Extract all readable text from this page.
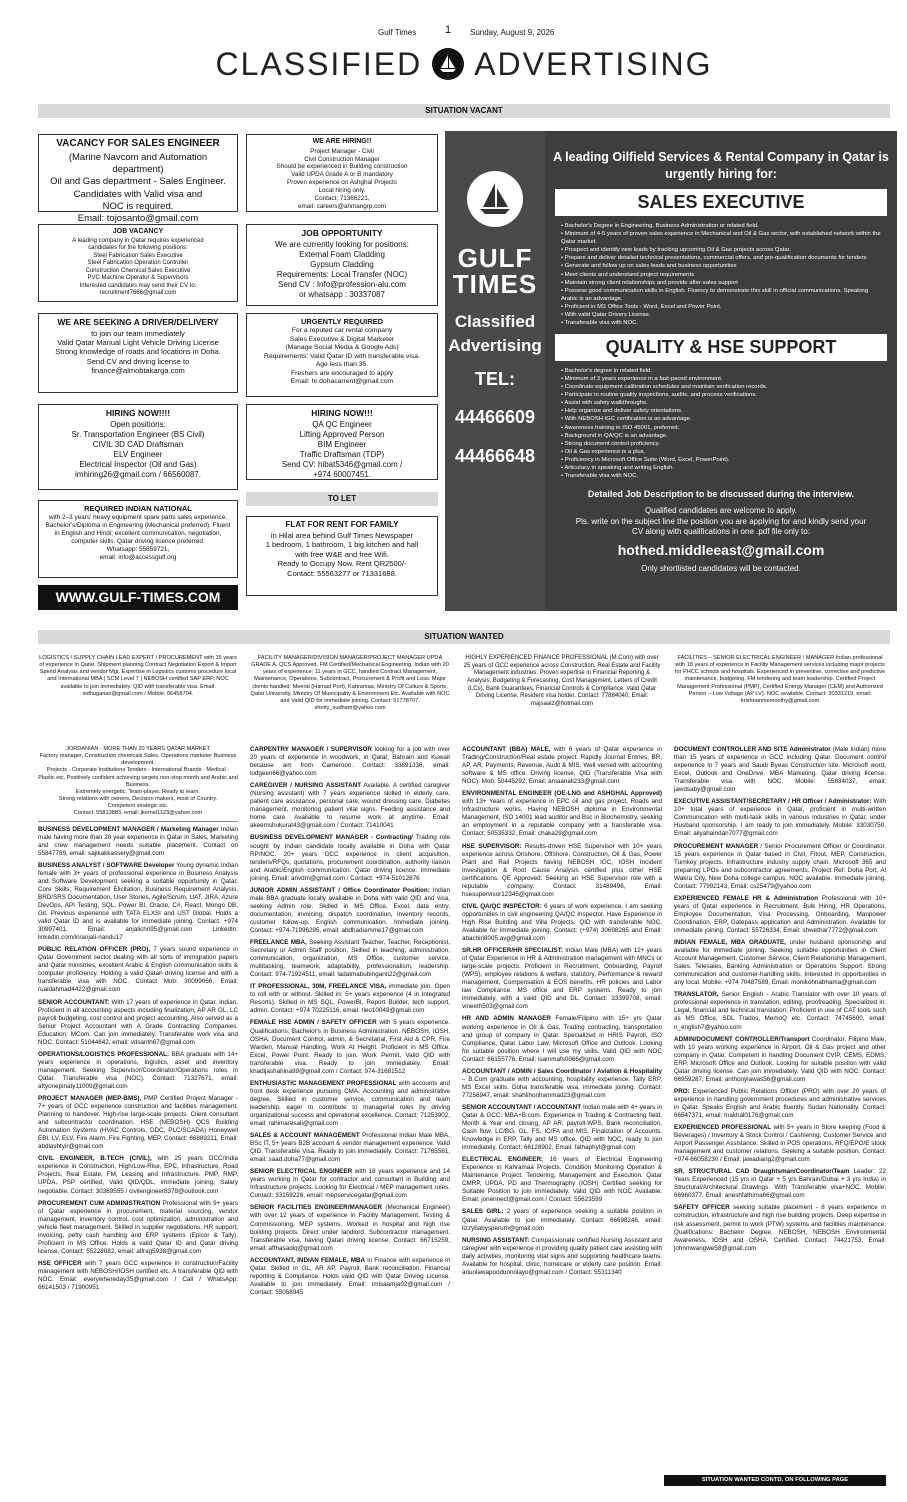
Gulf Times	1 Sunday, August 9, 2026
CLASSIFIED ADVERTISING
SITUATION VACANT
VACANCY FOR SALES ENGINEER
(Marine Navcom and Automation department)
Oil and Gas department - Sales Engineer.
Candidates with Valid visa and
NOC is required.
Email: tojosanto@gmail.com
JOB VACANCY
A leading company in Qatar requires experienced
candidates for the following positions:
Steel Fabrication Sales Executive
Steel Fabrication Operation Controller
Construction Chemical Sales Executive
PVC Machine Operator & Supervisors
Interested candidates may send their CV to:
recruitment7666@gmail.com
WE ARE SEEKING A DRIVER/DELIVERY
to join our team immediately
Valid Qatar Manual Light Vehicle Driving License
Strong knowledge of roads and locations in Doha.
Send CV and driving license to
finance@almobtakarga.com
HIRING NOW!!!!
Open positions:
Sr. Transportation Engineer (BS Civil)
CIVIL 3D CAD Draftsman
ELV Engineer
Electrical Inspector (Oil and Gas)
imhiring26@gmail.com / 66560087.
REQUIRED INDIAN NATIONAL
with 2–3 years' heavy equipment spare parts sales experience. Bachelor's/Diploma in Engineering (Mechanical preferred). Fluent in English and Hindi; excellent communication, negotiation, computer skills. Qatar driving licence preferred.
Whatsapp: 55659721,
email: info@accessgulf.org
WWW.GULF-TIMES.COM
WE ARE HIRING!!
Project Manager - Civil
Civil Construction Manager
Should be experienced in Building construction
Valid UPDA Grade A or B mandatory
Proven experience on Ashghal Projects
Local hiring only.
Contact: 71366221,
email: careers@ahmangrp.com
JOB OPPORTUNITY
We are currently looking for positions:
External Foam Cladding
Gypsum Cladding
Requirements: Local Transfer (NOC)
Send CV : Info@profession-alu.com
or whatsapp : 30337087
URGENTLY REQUIRED
For a reputed car rental company
Sales Executive & Digital Marketer
(Manage Social Media & Google Ads)
Requirements: Valid Qatar ID with transferable visa.
Age less than 35.
Freshers are encouraged to apply
Email: hr.dohacarrent@gmail.com
HIRING NOW!!!
QA QC Engineer
Lifting Approved Person
BIM Engineer
Traffic Draftsman (TDP)
Send CV: hibat5346@gmail.com /
+974 60007451.
TO LET
FLAT FOR RENT FOR FAMILY
in Hilal area behind Gulf Times Newspaper
1 bedroom, 1 bathroom, 1 big kitchen and hall
with free W&E and free Wifi.
Ready to Occupy Now. Rent QR2500/-
Contact: 55563277 or 71331688.
GULF
TIMES
Classified
Advertising
TEL:
44466609
44466648
A leading Oilfield Services & Rental Company in Qatar is urgently hiring for:
SALES EXECUTIVE
• Bachelor's Degree in Engineering, Business Administration or related field.
• Minimum of 4-5 years of proven sales experience in Mechanical and Oil & Gas sector, with established network within the Qatar market.
• Prospect and identify new leads by tracking upcoming Oil & Gas projects across Qatar.
• Prepare and deliver detailed technical presentations, commercial offers, and pre-qualification documents for tenders
• Generate and follow up on sales leads and business opportunities
• Meet clients and understand project requirements
• Maintain strong client relationships and provide after-sales support
• Possess good communication skills in English. Fluency to demonstrate this skill in official communications. Speaking Arabic is an advantage.
• Proficient in MS Office Tools - Word, Excel and Power Point.
• With valid Qatar Drivers License.
• Transferable visa with NOC.
QUALITY & HSE SUPPORT
• Bachelor's degree in related field.
• Minimum of 3 years experience in a fast-paced environment.
• Coordinate equipment calibration schedules and maintain verification records.
• Participate in routine quality inspections, audits, and process verifications.
• Assist with safety walkthroughs.
• Help organize and deliver safety orientations.
• With NEBOSH IGC certification is an advantage.
• Awareness training in ISO 45001, preferred.
• Background in QA/QC is an advantage.
• Strong document control proficiency.
• Oil & Gas experience is a plus.
• Proficiency in Microsoft Office Suite (Word, Excel, PowerPoint).
• Articulacy in speaking and writing English.
• Transferable visa with NOC.
Detailed Job Description to be discussed during the interview.
Qualified candidates are welcome to apply.
Pls. write on the subject line the position you are applying for and kindly send your CV along with qualifications in one .pdf file only to:
hothed.middleeast@gmail.com
Only shortlisted candidates will be contacted.
SITUATION WANTED
LOGISTICS / SUPPLY CHAIN LEAD EXPERT / PROCUREMENT with 15 years of experience in Qatar. Shipment planning Contract Negotiation Export & Import Spend Analysis and vendor Mgr. Expertise in Logistics customs procedure local and International MBA | SCM Level 7 | NEBOSH certified SAP ERP. NOC available to join immediately. QID with transferable visa. Email: sidhugarian@gmail.com / Mobile: 66458704.
FACILITY MANAGER/DIVISION MANAGER/PROJECT MANAGER UPDA GRADE A, QCS Approved, FM Certified/Mechanical Engineering. Indian with 20 years of experience; 11 years in GCC, handled Contract Management, Maintenance, Operations, Subcontract, Procurement & Profit and Loss. Major clients handled: Meeral (Hamad Port), Kahramaa, Ministry Of Culture & Sports, Qatar University, Ministry Of Municipality & Environment Etc. Available with NOC and Valid QID for immediate joining. Contact: 51778707, shetty_sudham@yahoo.com
HIGHLY EXPERIENCED FINANCE PROFESSIONAL (M.Com) with over 25 years of GCC experience across Construction, Real Estate and Facility Management industries. Proven expertise in Financial Reporting & Analysis, Budgeting & Forecasting, Cost Management, Letters of Credit (LCs), Bank Guarantees, Financial Controls & Compliance. Valid Qatar Driving License. Resident visa holder. Contact: 77884040, Email: majsaalz@hotmail.com
FACILITIES – SENIOR ELECTRICAL ENGINEER / MANAGER Indian professional with 18 years of experience in Facility Management services including major projects for PHCC schools and hospitals. Experienced in preventive, corrective and predictive maintenance, budgeting, FM tendering and team leadership. Certified Project Management Professional (PMP), Certified Energy Manager (CEM) and Authorized Person – Low Voltage (AP LV). NOC available. Contact: 30331219, email: krishnanmemoothy@gmail.com
JORDANIAN - MORE THAN 20 YEARS QATAR MARKET
Factory manager, Construction chemicals Sales. Operations marketer Business development.
Projects - Corporate Institutions Tenders - International Brands - Medical - Plastic etc. Positively confident achieving targets non-stop month and Arabic and Business.
Extremely energetic. Team-player. Ready to learn.
Strong relations with owners, Decision makers, most of Country.
Competent strategic etc.
Contact: 55813883, email: jkernel1123@yahoo.com

BUSINESS DEVELOPMENT MANAGER / Marketing Manager Indian male having more than 20 year experience in Qatar in Sales, Marketing and crew management needs suitable placement. Contact on 55847789, email: sajikakkassery@gmail.com

BUSINESS ANALYST / SOFTWARE Developer Young dynamic Indian female with 3+ years of professional experience in Business Analysis and Software Development seeking a suitable opportunity in Qatar. Core Skills: Requirement Elicitation, Business Requirement Analysis, BRD/SRS Documentation, User Stories, Agile/Scrum, UAT, JIRA, Azure DevOps, API Testing, SQL, Power BI, Oracle, C#, React, Mongo DB, Git. Previous experience with TATA ELXSI and UST Global. Holds a valid Qatar ID and is available for immediate joining. Contact: +974 30997401, Email: anjalichri95@gmail.com LinkedIn: linkedin.com/in/anjali-nandu17

PUBLIC RELATION OFFICER (PRO), 7 years sound experience in Qatar Government sector dealing with all sorts of immigration papers and Qatar ministries, excellent Arabic & English communication skills & computer proficiency. Holding a valid Qatari driving license and with a transferable visa with NOC. Contact Mob: 30099066, Email: ruaidahmad4422@gmail.com

SENIOR ACCOUNTANT: With 17 years of experience in Qatar. Indian. Proficient in all accounting aspects including finalization, AP AR GL, LC payroll budgeting, cost control and project accounting. Also served as a Senior Project Accountant with A Grade Contracting Companies. Education: MCom. Can join immediately. Transferable work visa and NOC. Contact: 51044642, email: vdsanth67@gmail.com

OPERATIONS/LOGISTICS PROFESSIONAL: BBA graduate with 14+ years experience in operations, logistics, asset and inventory management. Seeking Supervisor/Coordinator/Operations roles in Qatar. Transferable visa (NOC). Contact: 71327671, email: aftyonepinaty11009@gmail.com

PROJECT MANAGER (MEP-BMS), PMP Certified Project Manager - 7+ years of GCC experience construction and facilities management. Planning to handover. High-rise large-scale projects. Client consultant and subcontractor coordination. HSE (NEBOSH) QCS Building Automation Systems (HVAC Controls, DDC, PLC/SCADA) Honeywell EBI, LV, ELV, Fire Alarm, Fire Fighting, MEP. Contact: 66889211, Email: abdlashtyir@gmail.com

CIVIL ENGINEER, B.TECH (CIVIL), with 25 years GCC/India experience in Construction, High/Low-Rise, EPC, Infrastructure, Road Projects, Real Estate, FM, Leasing and Infrastructure. PMP, RMP, UPDA, PSP certified, Valid QID/QDL, immediate joining, Salary negotiable. Contact: 30369555 / civilengineer8378@outlook.com

PROCUREMENT CUM ADMINISTRATION Professional with 9+ years of Qatar experience in procurement, material sourcing, vendor management, inventory control, cost optimization, administration and vehicle fleet management. Skilled in supplier negotiations, HR support, invoicing, petty cash handling and ERP systems (Epicor & Tally). Proficient in MS Office. Holds a valid Qatar ID and Qatar driving license. Contact: 55228082, email: alfrag5938@gmail.com

HSE OFFICER with 7 years GCC experience in construction/Facility management with NEBOSH/IOSH certified etc. A transferable QID with NOC. Email: everywhereday35@gmail.com / Call / WhatsApp: 66141503 / 71900951

CARPENTRY MANAGER / SUPERVISOR looking for a job with over 20 years of experience in woodwork, in Qatar, Bahrain and Kuwait because am from Cameroon. Contact: 33891336, email: lodgeen66@yahoo.com

CAREGIVER / NURSING ASSISTANT Available. A certified caregiver (Nursing assistant) with 7 years experience skilled in elderly care, patient care assistance, personal care, wound dressing care, Diabetes management, monitoring patient vital signs. Feeding assistance and home care. Available to resume work at anytime. Email: akeemshukurat43@gmail.com / Contact: 71410041

BUSINESS DEVELOPMENT MANAGER - Contracting/ Trading role sought by Indian candidate locally available in Doha with Qatar RP/NOC. 20+ years GCC experience in client acquisition, tenders/RFQs, quotations, procurement coordination, authority liaison and Arabic/English communication. Qatar driving licence. Immediate joining. Email: anvdm@gmail.com / Contact: +974-51012876

JUNIOR ADMIN ASSISTANT / Office Coordinator Position: Indian male BBA graduate locally available in Doha with valid QID and visa, seeking Admin role. Skilled in MS Office, Excel, data entry, documentation, invoicing, dispatch coordination, inventory records, customer follow-up. English communication. Immediate joining. Contact: +974-71996295, email: abdhadiamme17@gmail.com

FREELANCE MBA, Seeking Assistant Teacher, Teacher, Receptionist, Secretary or Admin Staff position, Skilled in teaching, administration, communication, organization, MS Office, customer service, multitasking, teamwork, adaptability, professionalism, leadership. Contact: 974-71924511, email: ladatmabubinganti22@gmail.com

IT PROFESSIONAL, 30M, FREELANCE VISA, immediate join. Open to roll with or without. Skilled in: 5+ years experience (4 in Integrated Resorts). Skilled in MS SQL, PowerBI, Report Builder, tech support, admin. Contact: +974 70225116, email: rleo10049@gmail.com

FEMALE HSE ADMIN / SAFETY OFFICER with 5 years experience. Qualifications: Bachelor's in Business Administration. NEBOSH, IOSH, OSHA. Document Control, admin. & Secretarial, First Aid & CPR, Fire Warden, Manual Handling, Work At Height. Proficient in MS Office. Excel, Power Point. Ready to join. Work Permit, Valid QID with transferable visa. Ready to join immediately. Email: khadijashahina99@gmail.com / Contact: 974-31681512

ENTHUSIASTIC MANAGEMENT PROFESSIONAL with accounts and front desk experience pursuing CMA. Accounting and administrative degree. Skilled in customer service, communication and team leadership, eager to contribute to managerial roles by driving organizational success and operational excellence. Contact: 71253902, email: rahimaresali@gmail.com

SALES & ACCOUNT MANAGEMENT Professional Indian Male MBA, BSc IT, 5+ years B2B account & vendor management experience. Valid QID. Transferable Visa. Ready to join immediately. Contact: 71765581, email: saad.doha77@gmail.com

SENIOR ELECTRICAL ENGINEER with 18 years experience and 14 years working in Qatar for contractor and consultant in Building and Infrastructure projects. Looking for Electrical / MEP management roles. Contact: 33159226, email: mepservicegatar@gmail.com

SENIOR FACILITIES ENGINEER/MANAGER (Mechanical Engineer) with over 12 years of experience in Facility Management, Testing & Commissioning, MEP systems. Worked in hospital and high rise building projects. Direct under landlord. Subcontractor management. Transferable visa, having Qatari driving license. Contact: 66715259, email: afthasadiq@gmail.com

ACCOUNTANT, INDIAN FEMALE, MBA in Finance with experience in Qatar. Skilled in GL, AR AP, Payroll, Bank reconciliation, Financial reporting & Compliance. Holds valid QID with Qatar Driving License. Available to join immediately. Email: imisaamja02@gmail.com / Contact: 55058945

ACCOUNTANT (BBA) MALE, with 6 years of Qatar experience in Trading/Construction/Real estate project. Rapidly Journal Entries, BR, AP, AR, Payments, Revenue, Audit & MIS. Well versed with accounting software & MS office. Driving license, QID (Transferable Visa with NOC). Mob: 50445292, Email: amaanali233@gmail.com

ENVIRONMENTAL ENGINEER (OE-LNG and ASHGHAL Approved) with 13+ Years of experience in EPC oil and gas project, Roads and Infrastructure works. Having NEBOSH diploma in Environmental Management, ISO 14001 lead auditor and Bsc in Biochemistry, seeking an employment in a reputable company with a transferable visa. Contact: 50535332, Email: chaka29@gmail.com

HSE SUPERVISOR: Results-driven HSE Supervisor with 10+ years experience across Onshore, Offshore, Construction, Oil & Gas, Power Plant and Rail Projects having NEBOSH IGC, IOSH Incident Investigation & Root Cause Analysis certified plus other HSE certifications. QE Approved. Seeking an HSE Supervisor role with a reputable company. Contact: 31489496, Email: hsesupervisor12345@gmail.com

CIVIL QA/QC INSPECTOR: 6 years of work experience. I am seeking opportunities in civil engineering QA/QC Inspector. Have Experience in High Rise Building and Villa Projects. QID with transferable NOC. Available for immediate joining. Contact: (+974) 30698285 and Email: abachiri8005.avg@gmail.com

SR.HR OFFICER/HR SPECIALIST: Indian Male (MBA) with 12+ years of Qatar Experience in HR & Administration management with MNCs or large-scale projects. Proficient in Recruitment, Onboarding, Payroll (WPS), employee relations & welfare, statutory, Performance & reward management, Compensation & EOS benefits, HR policies and Labor law Compliance. MS office and ERP systems. Ready to join immediately, with a valid QID and DL. Contact: 33399708, email: vineeth503@gmail.com

HR AND ADMIN MANAGER Female/Filipino with 15+ yrs Qatar working experience in Oil & Gas, Trading contracting, transportation and group of company in Qatar. Specialized in HRIS Payroll, ISO Compliance, Qatar Labor Law, Microsoft Office and Outlook. Looking for suitable position where I will use my skills. Valid QID with NOC Contact: 66155776, Email: isammafs0066@gmail.com

ACCOUNTANT / ADMIN / Sales Coordinator / Aviation & Hospitality – B.Com graduate with accounting, hospitality experience. Tally ERP, MS Excel skills. Doha transferable visa, immediate joining. Contact: 77256947, email: shahiihonhammad23@gmail.com

SENIOR ACCOUNTANT / ACCOUNTANT Indian male with 4+ years in Qatar & GCC. MBA+B.com. Experience in Trading & Contracting field, Month & Year end closing, AP AR, payroll-WPS, Bank reconciliation, Cash flow, LC/BG, GL, FS, IC/FA and MIS. Finalization of Accounts. Knowledge in ERP, Tally and MS office. QID with NOC, ready to join immediately. Contact: 66128902, Email: fathaphyl@gmail.com

ELECTRICAL ENGINEER: 16 years of Electrical Engineering Experience in Kahramaa Projects. Condition Monitoring Operation & Maintenance Project. Tendering, Management and Execution. Qatar CMRP, UPDA, PD and Thermography (IOSH) Certified seeking for Suitable Position to join immediately. Valid QID with NOC Available. Email: jonennect@gmail.com / Contact: 55623599

SALES GIRL: 2 years of experience seeking a suitable position in Qatar. Available to join immediately. Contact: 66698246, email: lizzybabysperum@gmail.com

NURSING ASSISTANT: Compassionate certified Nursing Assistant and caregiver with experience in providing quality patient care assisting with daily activities, monitoring vital signs and supporting healthcare teams. Available for hospital, clinic, homecare or elderly care position. Email: anuolawapoodunnolayo@gmail.com / Contact: 55311340

DOCUMENT CONTROLLER AND SITE Administrator (Male Indian) more than 15 years of experience in GCC including Qatar. Document control experience in 7 years and Saudi Byeas Construction site. Microsoft word, Excel, Outlook and OneDrive. MBA Marketing. Qatar driving license. Transferable visa with NOC. Mobile: 55634037, email: jawdsaby@gmail.com

EXECUTIVE ASSISTANT/SECRETARY / HR Officer / Administrator: With 10+ total years of experience in Qatar, proficient in multi-written Communication with multi-task skills in various industries in Qatar, under Husband sponsorship. I am ready to join immediately. Mobile: 33030750, Email: aliyahaindan7077@gmail.com

PROCUREMENT MANAGER / Senior Procurement Officer or Coordinator. 15 years experience in Qatar based in Civil, Fitout, MEP, Construction, Turnkey projects. Infrastructure industry supply chain. Microsoft 365 and preparing LPOs and subcontractor agreements. Project Ref: Doha Port, Al Wakra City, New Doha college campus. NOC available. Immediate joining. Contact: 77992143, Email: cs25479@yahoo.com

EXPERIENCED FEMALE HR & Administration Professional with 10+ years of Qatar experience in Recruitment, Bulk Hiring, HR Operations, Employee Documentation, Visa Processing, Onboarding, Manpower Coordination, ERP, Gatepass application and Administration. Available for immediate joining. Contact: 55726334, Email: shwethar7772@gmail.com

INDIAN FEMALE, MBA GRADUATE, under husband sponsorship and available for immediate joining. Seeking suitable opportunities in Client Account Management, Customer Service, Client Relationship Management, Sales. Telesales, Banking Administration or Operations Support. Strong communication and customer-handling skills. Interested in opportunities in any local. Mobile: +974 70487589, Email: monikohnabhama@gmail.com

TRANSLATOR, Senior English - Arabic Translator with over 10 years of professional experience in translation, editing, proofreading. Specialized in: Legal, financial and technical translation. Proficient in use of CAT tools such as MS Office, SDL Trados, MemoQ etc. Contact: 74745600, email: n_english7@yahoo.com

ADMIN/DOCUMENT CONTROLLER/Transport Coordinator. Filipino Male, with 10 years working experience in Airport, Oil & Gas project and other company in Qatar. Competent in handling Document CVIP, CEMS, EDMS, ERP, Microsoft Office and Outlook. Looking for suitable position with valid Qatar driving license. Can join immediately. Valid QID with NOC. Contact: 66959287, Email: anthonylawas56@gmail.com

PRO: Experienced Public Relations Officer (PRO) with over 20 years of experience in handling government procedures and administrative services in Qatar. Speaks English and Arabic fluently. Sudan Nationality. Contact: 66547371, email: Inakhal0176@gmail.com

EXPERIENCED PROFESSIONAL with 5+ years in Store keeping (Food & Beverages) / Inventory & Stock Control / Cashiering, Customer Service and Airport Passenger Assistance. Skilled in POS operations, RFQ/EPO/E stock management and customer relations. Seeking a suitable position. Contact: +974-66058230 / Email: jawadiang2@gmail.com

SR. STRUCTURAL CAD Draughtsman/Coordinator/Team Leader: 22 Years Experienced (15 yrs in Qatar + 5 yrs Bahrain/Dubai + 3 yrs India) in Structural/Architectural Drawings. With Transferable visa+NOC. Mobile: 66960377, Email: aneshfathima66@gmail.com

SAFETY OFFICER seeking suitable placement - 8 years experience in construction, infrastructure and high rise building projects. Deep expertise in risk assessment, permit to work (PTW) systems and facilities maintenance. Qualifications: Bachelor Degree, NEBOSH, NEBOSH Environmental Awareness, IOSH and OSHA. Certified. Contact: 74421753, Email: johnmwangwe58@gmail.com

SITUATION WANTED CONTD. ON FOLLOWING PAGE
